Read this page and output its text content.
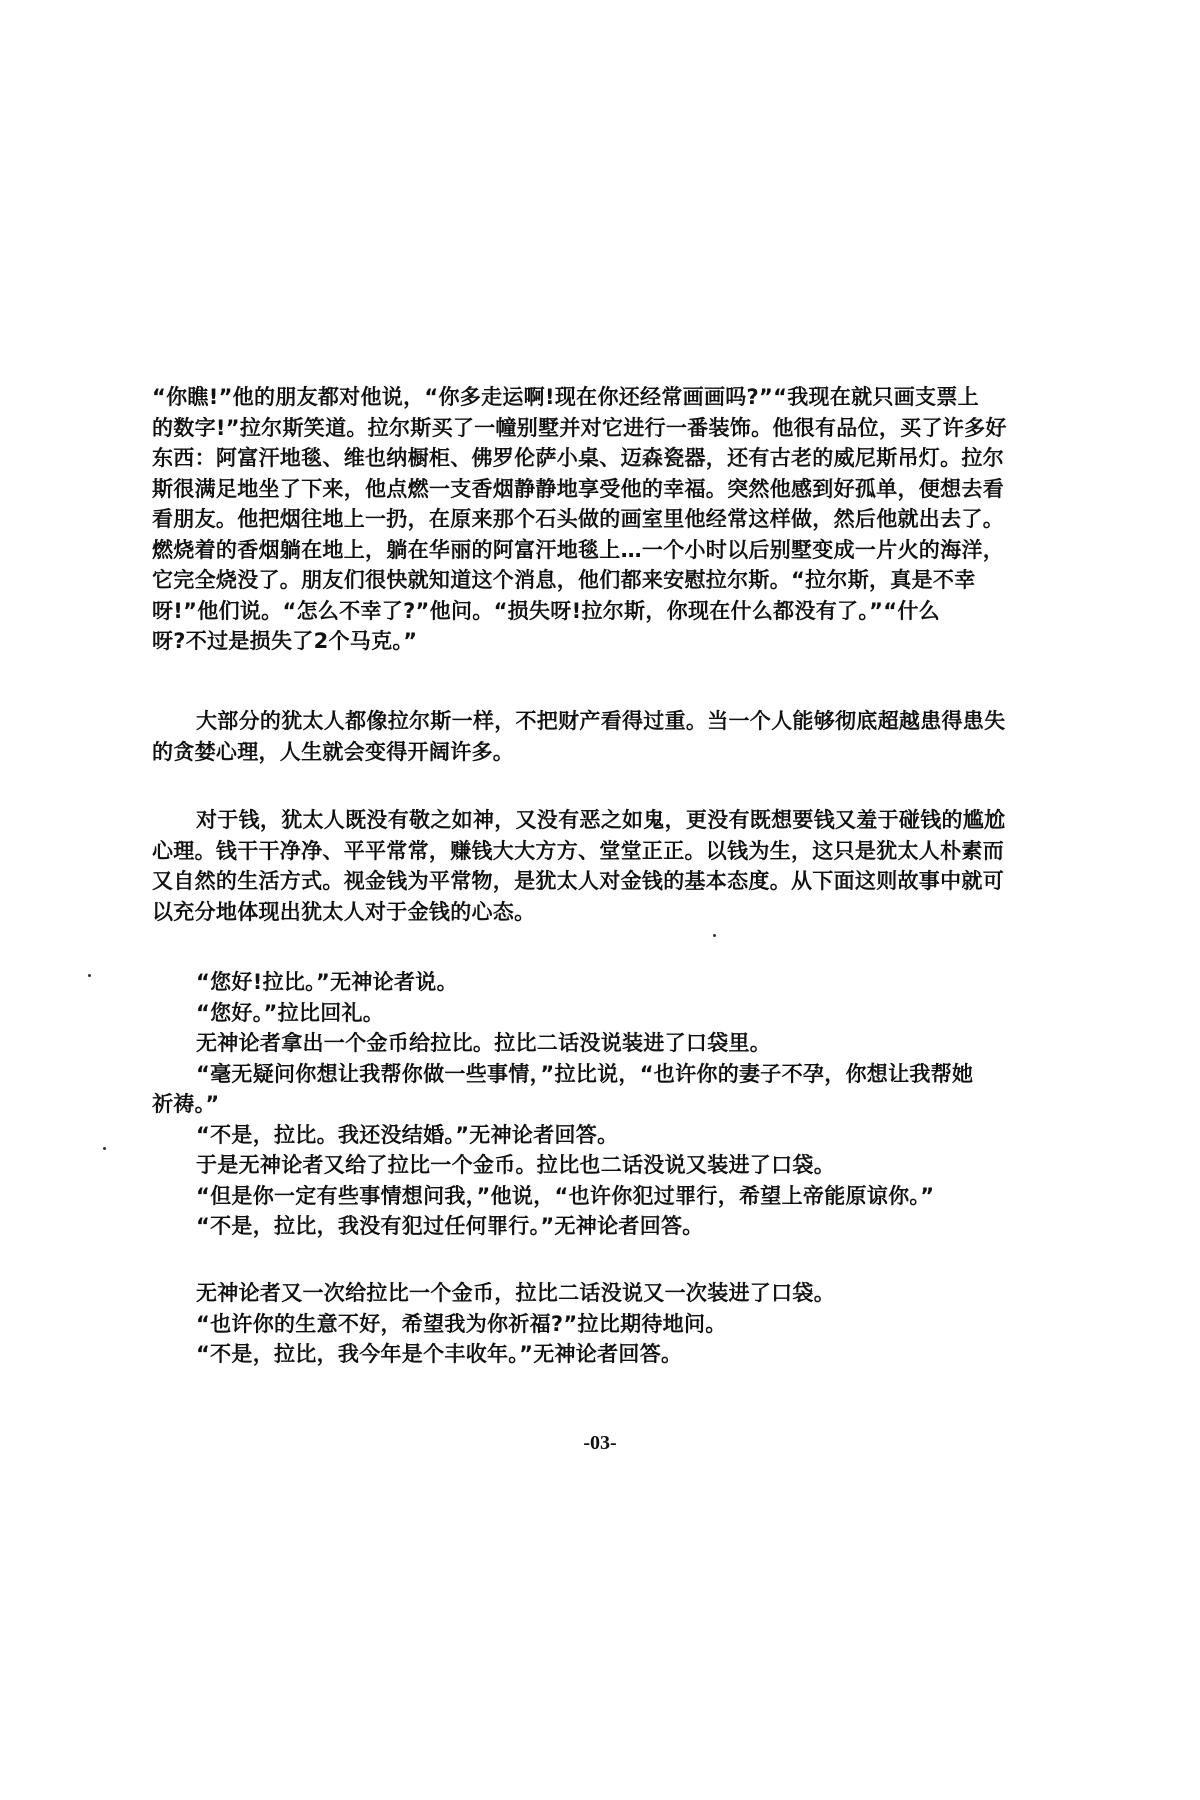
“你瞧!”他的朋友都对他说，“你多走运啊!现在你还经常画画吗?”“我现在就只画支票上
的数字!”拉尔斯笑道。拉尔斯买了一幢别墅并对它进行一番装饰。他很有品位，买了许多好
东西：阿富汗地毯、维也纳橱柜、佛罗伦萨小桌、迈森瓷器，还有古老的威尼斯吊灯。拉尔
斯很满足地坐了下来，他点燃一支香烟静静地享受他的幸福。突然他感到好孤单，便想去看
看朋友。他把烟往地上一扔，在原来那个石头做的画室里他经常这样做，然后他就出去了。
燃烧着的香烟躺在地上，躺在华丽的阿富汗地毯上…一个小时以后别墅变成一片火的海洋，
它完全烧没了。朋友们很快就知道这个消息，他们都来安慰拉尔斯。“拉尔斯，真是不幸
呀!”他们说。“怎么不幸了?”他问。“损失呀!拉尔斯，你现在什么都没有了。”“什么
呀?不过是损失了2个马克。”
大部分的犹太人都像拉尔斯一样，不把财产看得过重。当一个人能够彻底超越患得患失
的贪婪心理，人生就会变得开阔许多。
对于钱，犹太人既没有敬之如神，又没有恶之如鬼，更没有既想要钱又羞于碰钱的尴尬
心理。钱干干净净、平平常常，赚钱大大方方、堂堂正正。以钱为生，这只是犹太人朴素而
又自然的生活方式。视金钱为平常物，是犹太人对金钱的基本态度。从下面这则故事中就可
以充分地体现出犹太人对于金钱的心态。
“您好!拉比。”无神论者说。
“您好。”拉比回礼。
无神论者拿出一个金币给拉比。拉比二话没说装进了口袋里。
“毫无疑问你想让我帮你做一些事情，”拉比说，“也许你的妻子不孕，你想让我帮她
祈祷。”
“不是，拉比。我还没结婚。”无神论者回答。
于是无神论者又给了拉比一个金币。拉比也二话没说又装进了口袋。
“但是你一定有些事情想问我，”他说，“也许你犯过罪行，希望上帝能原谅你。”
“不是，拉比，我没有犯过任何罪行。”无神论者回答。
无神论者又一次给拉比一个金币，拉比二话没说又一次装进了口袋。
“也许你的生意不好，希望我为你祈福?”拉比期待地问。
“不是，拉比，我今年是个丰收年。”无神论者回答。
-03-
